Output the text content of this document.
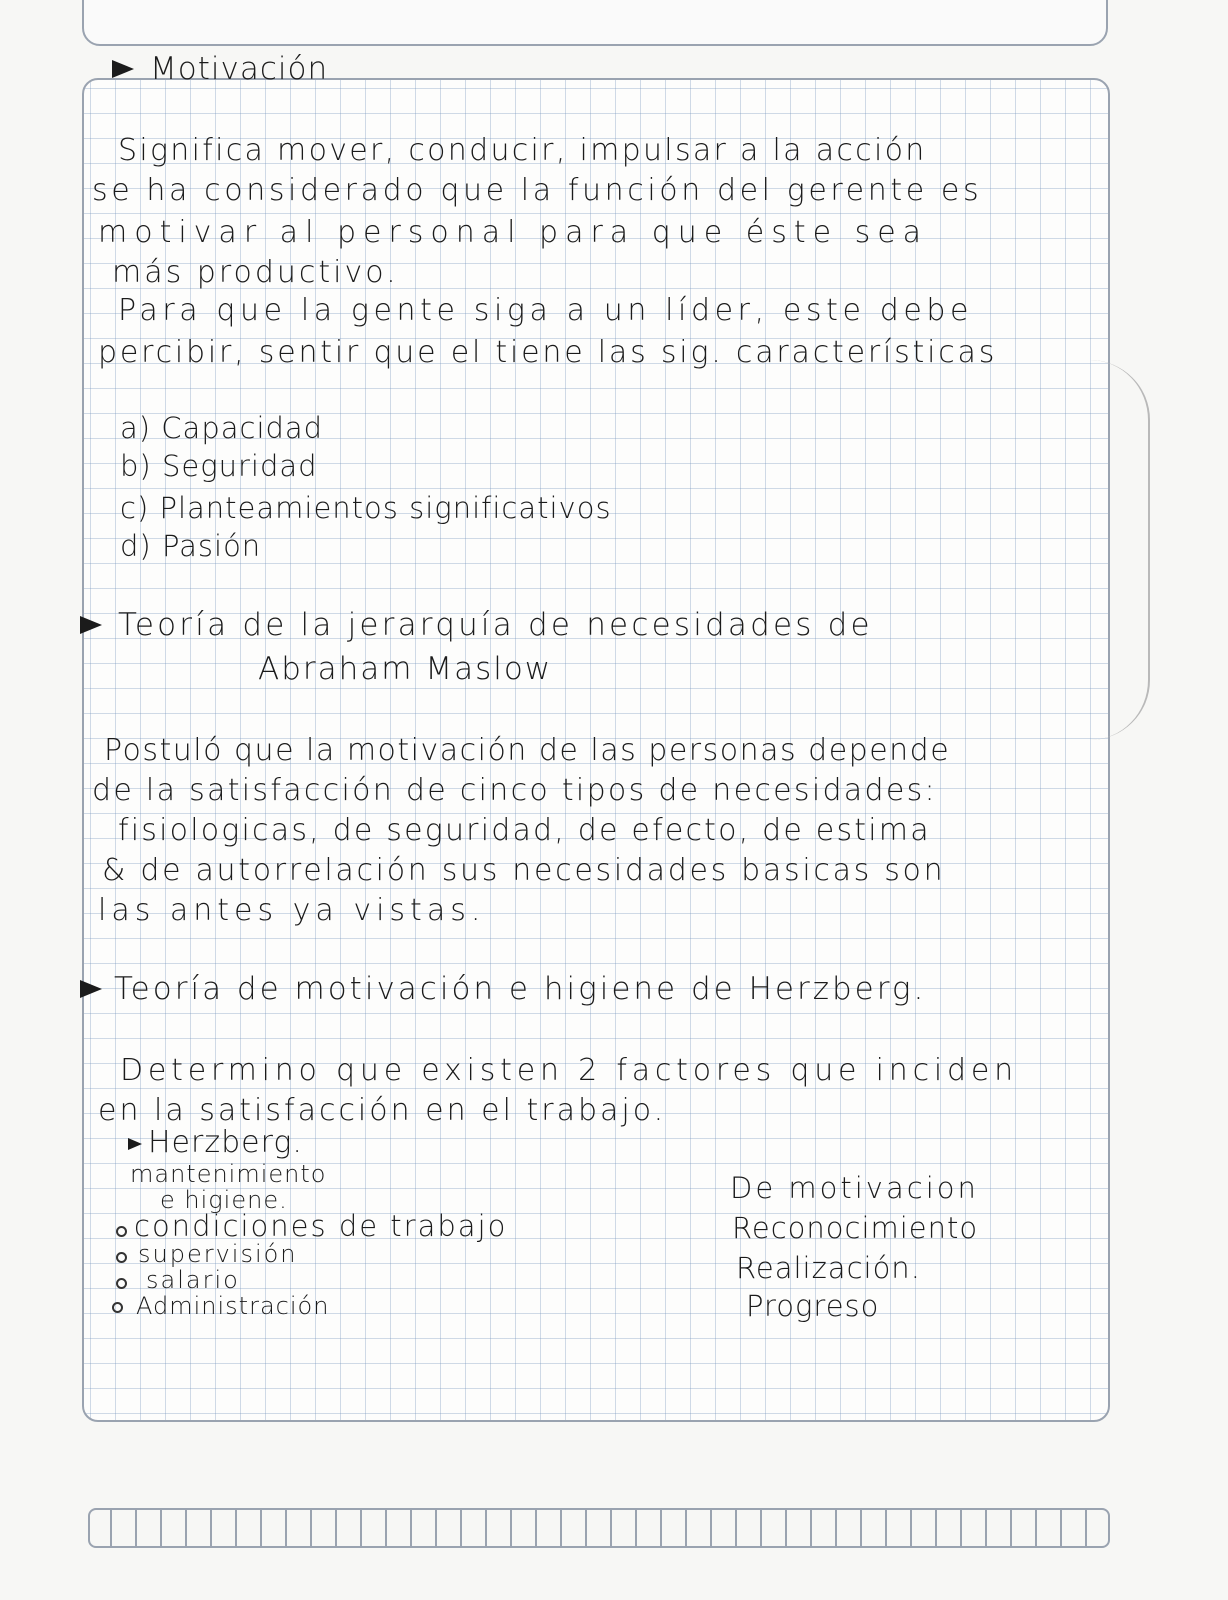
Motivación
Significa mover, conducir, impulsar a la acción
se ha considerado que la función del gerente es
motivar al personal para que éste sea
más productivo.
Para que la gente siga a un líder, este debe
percibir, sentir que el tiene las sig. características
a) Capacidad
b) Seguridad
c) Planteamientos significativos
d) Pasión
Teoría de la jerarquía de necesidades de
Abraham Maslow
Postuló que la motivación de las personas depende
de la satisfacción de cinco tipos de necesidades:
fisiologicas, de seguridad, de efecto, de estima
& de autorrelación sus necesidades basicas son
las antes ya vistas.
Teoría de motivación e higiene de Herzberg.
Determino que existen 2 factores que inciden
en la satisfacción en el trabajo.
Herzberg.
mantenimiento
e higiene.
condiciones de trabajo
supervisión
salario
Administración
De motivacion
Reconocimiento
Realización.
Progreso
